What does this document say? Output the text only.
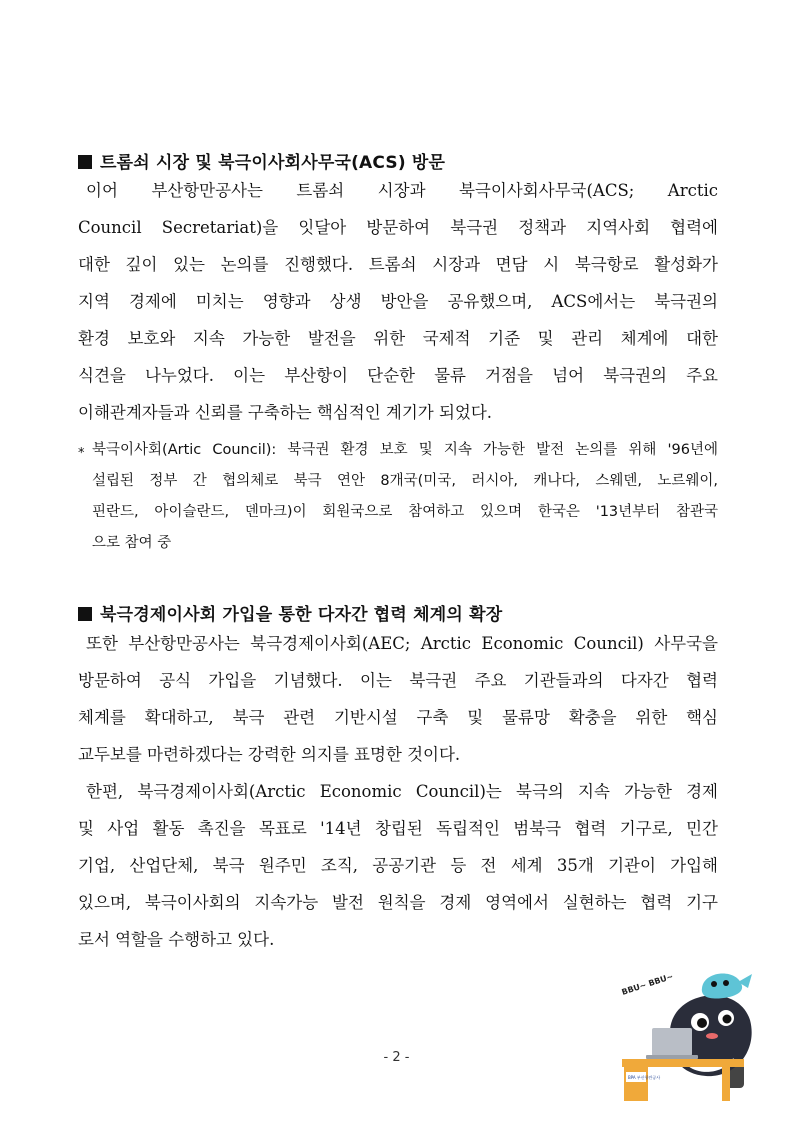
트롬쇠 시장 및 북극이사회사무국(ACS) 방문
이어 부산항만공사는 트롬쇠 시장과 북극이사회사무국(ACS; Arctic
Council Secretariat)을 잇달아 방문하여 북극권 정책과 지역사회 협력에
대한 깊이 있는 논의를 진행했다. 트롬쇠 시장과 면담 시 북극항로 활성화가
지역 경제에 미치는 영향과 상생 방안을 공유했으며, ACS에서는 북극권의
환경 보호와 지속 가능한 발전을 위한 국제적 기준 및 관리 체계에 대한
식견을 나누었다. 이는 부산항이 단순한 물류 거점을 넘어 북극권의 주요
이해관계자들과 신뢰를 구축하는 핵심적인 계기가 되었다.
* 북극이사회(Artic Council): 북극권 환경 보호 및 지속 가능한 발전 논의를 위해 '96년에
설립된 정부 간 협의체로 북극 연안 8개국(미국, 러시아, 캐나다, 스웨덴, 노르웨이,
핀란드, 아이슬란드, 덴마크)이 회원국으로 참여하고 있으며 한국은 '13년부터 참관국
으로 참여 중
북극경제이사회 가입을 통한 다자간 협력 체계의 확장
또한 부산항만공사는 북극경제이사회(AEC; Arctic Economic Council) 사무국을
방문하여 공식 가입을 기념했다. 이는 북극권 주요 기관들과의 다자간 협력
체계를 확대하고, 북극 관련 기반시설 구축 및 물류망 확충을 위한 핵심
교두보를 마련하겠다는 강력한 의지를 표명한 것이다.
한편, 북극경제이사회(Arctic Economic Council)는 북극의 지속 가능한 경제
및 사업 활동 촉진을 목표로 '14년 창립된 독립적인 범북극 협력 기구로, 민간
기업, 산업단체, 북극 원주민 조직, 공공기관 등 전 세계 35개 기관이 가입해
있으며, 북극이사회의 지속가능 발전 원칙을 경제 영역에서 실현하는 협력 기구
로서 역할을 수행하고 있다.
- 2 -
BBU~ BBU~
BPA 부산항만공사
